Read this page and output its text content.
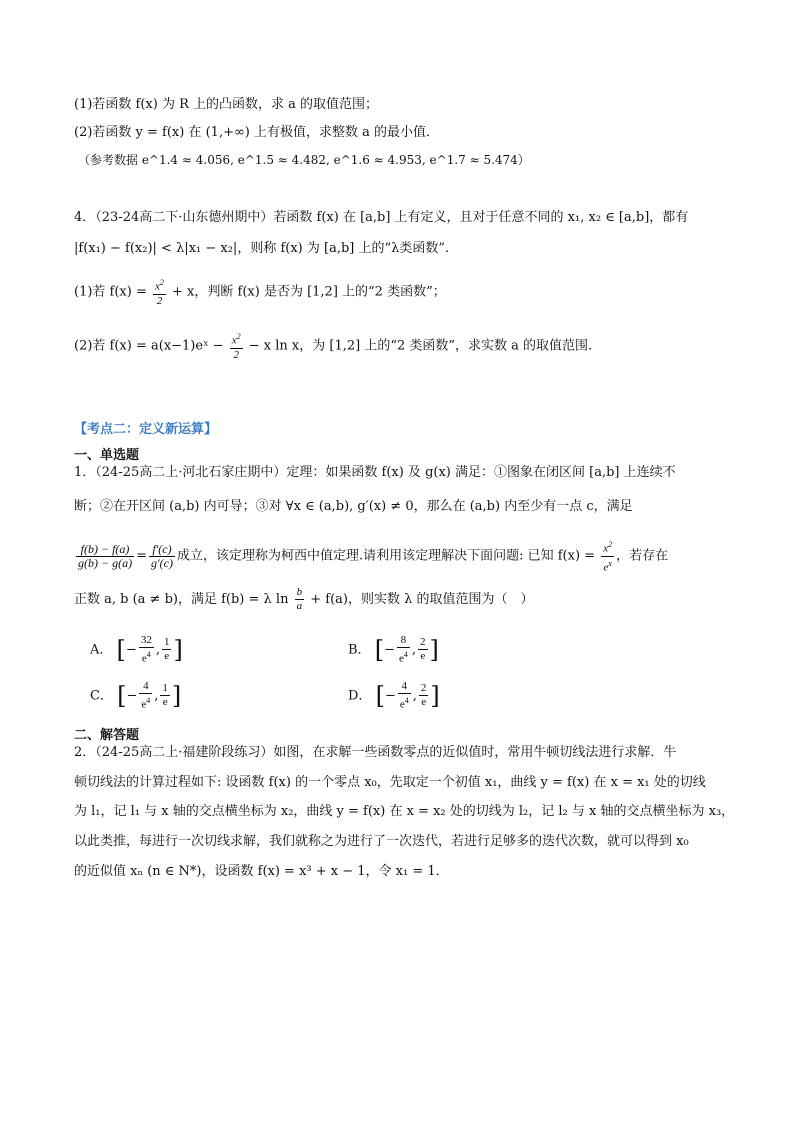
(1)若函数 f(x) 为 R 上的凸函数，求 a 的取值范围；
(2)若函数 y = f(x) 在 (1,+∞) 上有极值，求整数 a 的最小值．
（参考数据 e^1.4 ≈ 4.056, e^1.5 ≈ 4.482, e^1.6 ≈ 4.953, e^1.7 ≈ 5.474）
4．（23-24高二下·山东德州期中）若函数 f(x) 在 [a,b] 上有定义，且对于任意不同的 x₁, x₂ ∈ [a,b]，都有
|f(x₁) − f(x₂)| < λ|x₁ − x₂|，则称 f(x) 为 [a,b] 上的“λ类函数”.
(1)若 $f(x) = \frac{x^2}{2} + x$，判断 f(x) 是否为 [1,2] 上的“2 类函数”；
(2)若 f(x) = a(x−1)eˣ − $\frac{x^2}{2} - x$ ln x，为 [1,2] 上的“2 类函数”，求实数 a 的取值范围.
【考点二：定义新运算】
一、单选题
1．（24-25高二上·河北石家庄期中）定理：如果函数 f(x) 及 g(x) 满足：①图象在闭区间 [a,b] 上连续不
断；②在开区间 (a,b) 内可导；③对 ∀x ∈ (a,b), g′(x) ≠ 0，那么在 (a,b) 内至少有一点 c，满足
$\frac{f(b) - f(a)}{g(b) - g(a)} = \frac{f'(c)}{g'(c)}$ 成立，该定理称为柯西中值定理.请利用该定理解决下面问题: 已知 $f(x) = \frac{x^2}{e^x}$ ，若存在
正数 a, b (a ≠ b)，满足 f(b) = λ $\ln \frac{b}{a} + f(a)$，则实数 λ 的取值范围为（　）
A． [− $\frac{32}{e^4}$ , $\frac{1}{e}$ ]	B． [− $\frac{8}{e^4}$ , $\frac{2}{e}$ ]
C． [− $\frac{4}{e^4}$ , $\frac{1}{e}$ ]	D． [− $\frac{4}{e^4}$ , $\frac{2}{e}$ ]
二、解答题
2．（24-25高二上·福建阶段练习）如图，在求解一些函数零点的近似值时，常用牛顿切线法进行求解．牛
顿切线法的计算过程如下: 设函数 f(x) 的一个零点 x₀，先取定一个初值 x₁，曲线 y = f(x) 在 x = x₁ 处的切线
为 l₁，记 l₁ 与 x 轴的交点横坐标为 x₂，曲线 y = f(x) 在 x = x₂ 处的切线为 l₂，记 l₂ 与 x 轴的交点横坐标为 x₃，
以此类推，每进行一次切线求解，我们就称之为进行了一次迭代，若进行足够多的迭代次数，就可以得到 x₀
的近似值 xₙ (n ∈ N*)，设函数 f(x) = x³ + x − 1，令 x₁ = 1．
